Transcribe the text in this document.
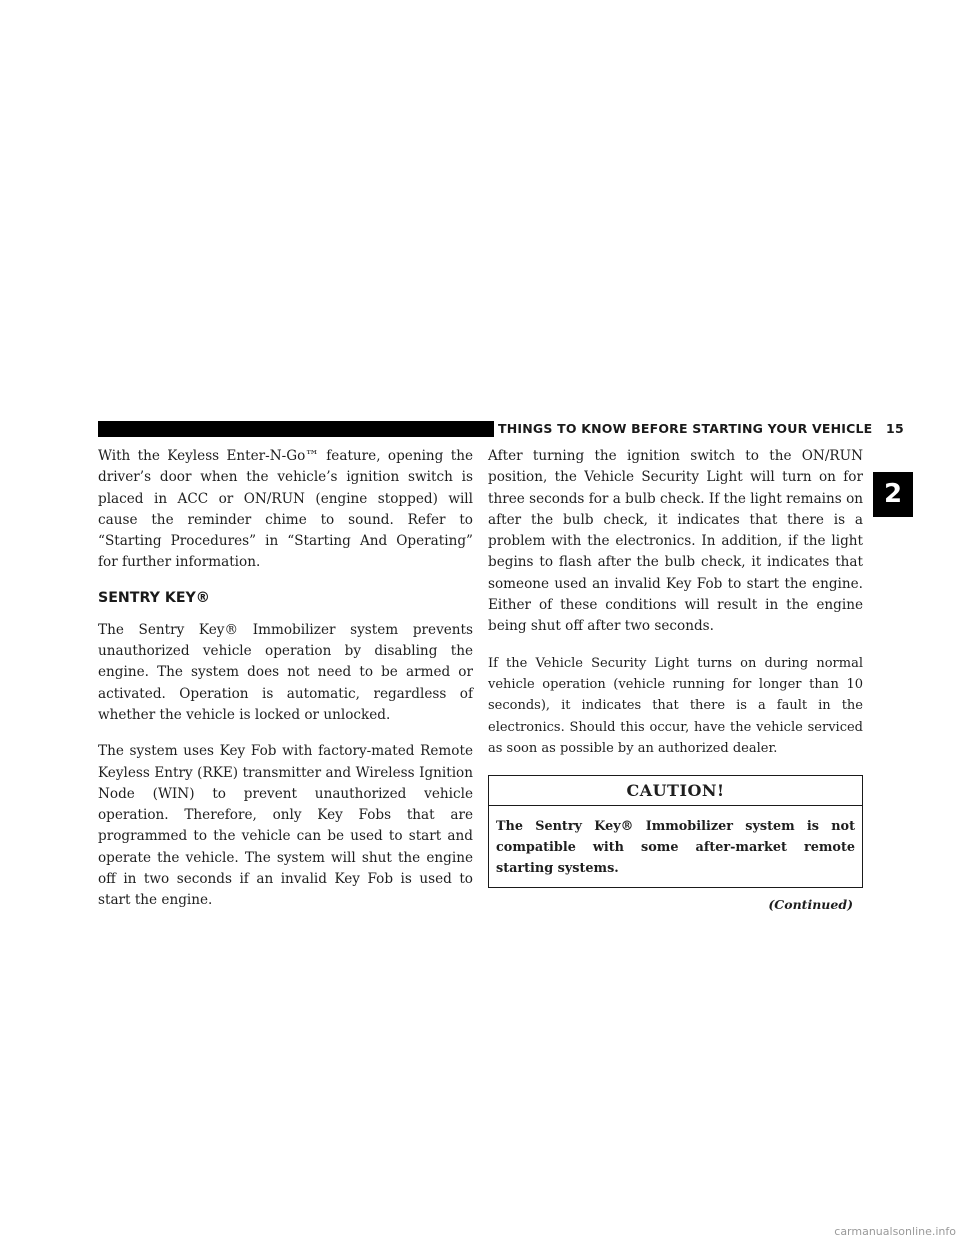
THINGS TO KNOW BEFORE STARTING YOUR VEHICLE 15
2

With the Keyless Enter-N-Go™ feature, opening the driver’s door when the vehicle’s ignition switch is placed in ACC or ON/RUN (engine stopped) will cause the reminder chime to sound. Refer to “Starting Procedures” in “Starting And Operating” for further information.

SENTRY KEY®

The Sentry Key® Immobilizer system prevents unauthorized vehicle operation by disabling the engine. The system does not need to be armed or activated. Operation is automatic, regardless of whether the vehicle is locked or unlocked.

The system uses Key Fob with factory-mated Remote Keyless Entry (RKE) transmitter and Wireless Ignition Node (WIN) to prevent unauthorized vehicle operation. Therefore, only Key Fobs that are programmed to the vehicle can be used to start and operate the vehicle. The system will shut the engine off in two seconds if an invalid Key Fob is used to start the engine.

After turning the ignition switch to the ON/RUN position, the Vehicle Security Light will turn on for three seconds for a bulb check. If the light remains on after the bulb check, it indicates that there is a problem with the electronics. In addition, if the light begins to flash after the bulb check, it indicates that someone used an invalid Key Fob to start the engine. Either of these conditions will result in the engine being shut off after two seconds.

If the Vehicle Security Light turns on during normal vehicle operation (vehicle running for longer than 10 seconds), it indicates that there is a fault in the electronics. Should this occur, have the vehicle serviced as soon as possible by an authorized dealer.

CAUTION!
The Sentry Key® Immobilizer system is not compatible with some after-market remote starting systems.
(Continued)
carmanualsonline.info
